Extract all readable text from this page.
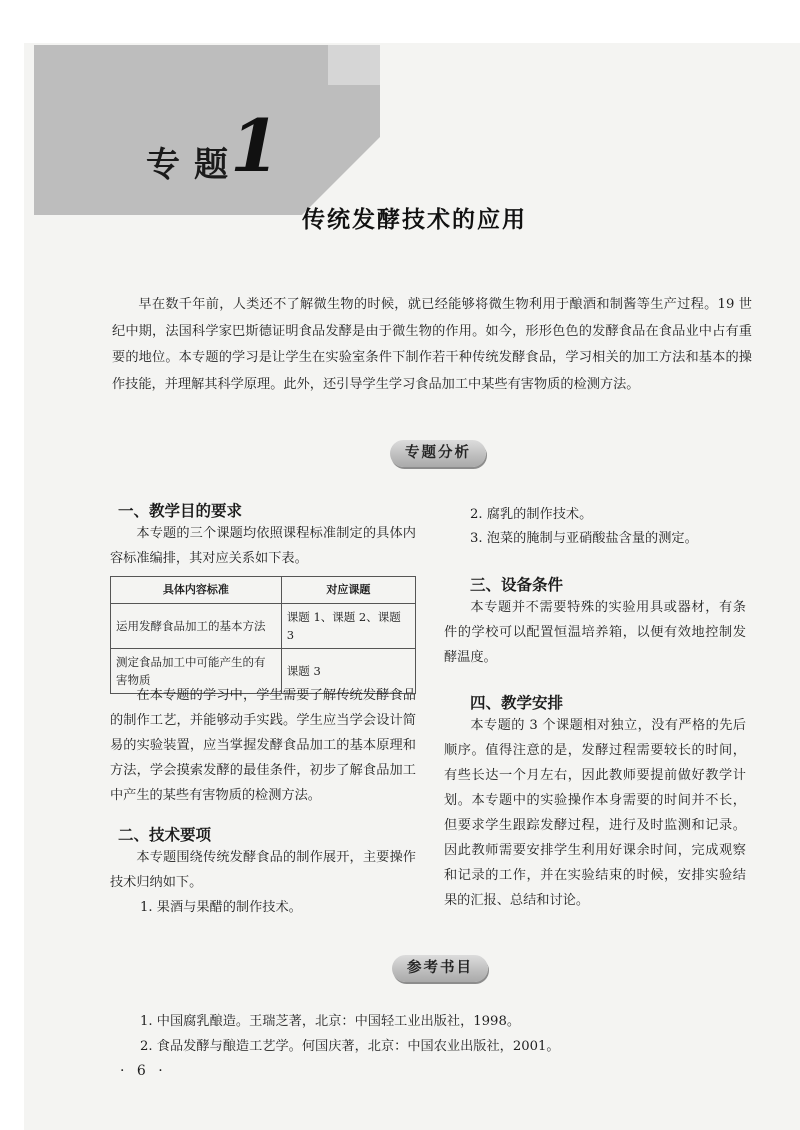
专题
1
传统发酵技术的应用

早在数千年前，人类还不了解微生物的时候，就已经能够将微生物利用于酿酒和制酱等生产过程。19 世纪中期，法国科学家巴斯德证明食品发酵是由于微生物的作用。如今，形形色色的发酵食品在食品业中占有重要的地位。本专题的学习是让学生在实验室条件下制作若干种传统发酵食品，学习相关的加工方法和基本的操作技能，并理解其科学原理。此外，还引导学生学习食品加工中某些有害物质的检测方法。

专题分析
一、教学目的要求

本专题的三个课题均依照课程标准制定的具体内容标准编排，其对应关系如下表。

具体内容标准	对应课题
运用发酵食品加工的基本方法	课题 1、课题 2、课题 3
测定食品加工中可能产生的有害物质	课题 3

在本专题的学习中，学生需要了解传统发酵食品的制作工艺，并能够动手实践。学生应当学会设计简易的实验装置，应当掌握发酵食品加工的基本原理和方法，学会摸索发酵的最佳条件，初步了解食品加工中产生的某些有害物质的检测方法。

二、技术要项

本专题围绕传统发酵食品的制作展开，主要操作技术归纳如下。

1. 果酒与果醋的制作技术。
2. 腐乳的制作技术。
3. 泡菜的腌制与亚硝酸盐含量的测定。
三、设备条件

本专题并不需要特殊的实验用具或器材，有条件的学校可以配置恒温培养箱，以便有效地控制发酵温度。

四、教学安排

本专题的 3 个课题相对独立，没有严格的先后顺序。值得注意的是，发酵过程需要较长的时间，有些长达一个月左右，因此教师要提前做好教学计划。本专题中的实验操作本身需要的时间并不长，但要求学生跟踪发酵过程，进行及时监测和记录。因此教师需要安排学生利用好课余时间，完成观察和记录的工作，并在实验结束的时候，安排实验结果的汇报、总结和讨论。

参考书目
1. 中国腐乳酿造。王瑞芝著，北京：中国轻工业出版社，1998。
2. 食品发酵与酿造工艺学。何国庆著，北京：中国农业出版社，2001。
· 6 ·
